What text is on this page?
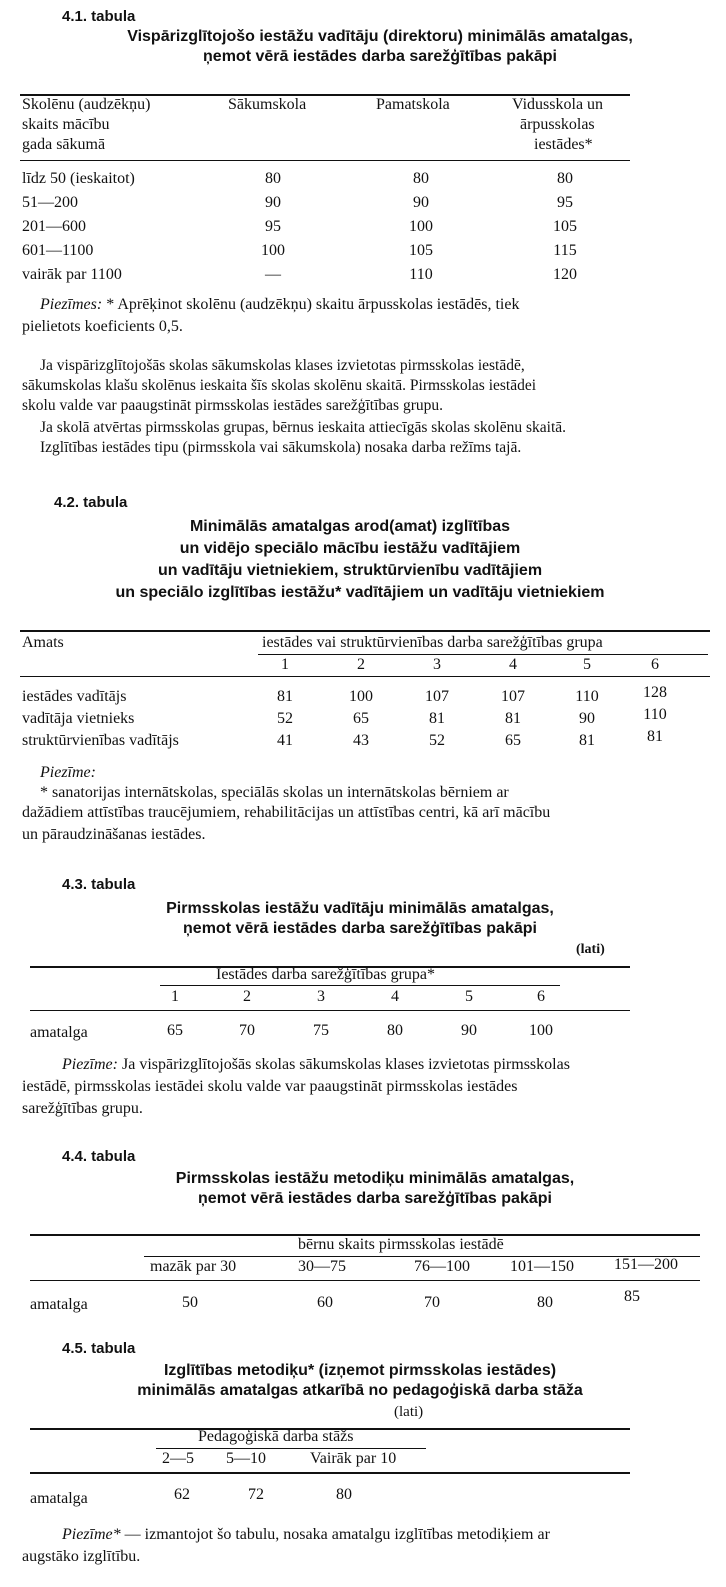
4.1. tabula
Vispārizglītojošo iestāžu vadītāju (direktoru) minimālās amatalgas,
ņemot vērā iestādes darba sarežģītības pakāpi
Skolēnu (audzēkņu)
skaits mācību
gada sākumā
Sākumskola	Pamatskola	Vidusskola un
ārpusskolas
iestādes*
līdz 50 (ieskaitot)	80	80	80
51—200	90	90	95
201—600	95	100	105
601—1100	100	105	115
vairāk par 1100	—	110	120
Piezīmes: * Aprēķinot skolēnu (audzēkņu) skaitu ārpusskolas iestādēs, tiek
pielietots koeficients 0,5.
Ja vispārizglītojošās skolas sākumskolas klases izvietotas pirmsskolas iestādē,
sākumskolas klašu skolēnus ieskaita šīs skolas skolēnu skaitā. Pirmsskolas iestādei
skolu valde var paaugstināt pirmsskolas iestādes sarežģītības grupu.
Ja skolā atvērtas pirmsskolas grupas, bērnus ieskaita attiecīgās skolas skolēnu skaitā.
Izglītības iestādes tipu (pirmsskola vai sākumskola) nosaka darba režīms tajā.
4.2. tabula
Minimālās amatalgas arod(amat) izglītības
un vidējo speciālo mācību iestāžu vadītājiem
un vadītāju vietniekiem, struktūrvienību vadītājiem
un speciālo izglītības iestāžu* vadītājiem un vadītāju vietniekiem
Amats	iestādes vai struktūrvienības darba sarežģītības grupa
1	2	3	4	5	6
iestādes vadītājs	81	100	107	107	110	128
vadītāja vietnieks	52	65	81	81	90	110
struktūrvienības vadītājs	41	43	52	65	81	81
Piezīme:
* sanatorijas internātskolas, speciālās skolas un internātskolas bērniem ar
dažādiem attīstības traucējumiem, rehabilitācijas un attīstības centri, kā arī mācību
un pāraudzināšanas iestādes.
4.3. tabula
Pirmsskolas iestāžu vadītāju minimālās amatalgas,
ņemot vērā iestādes darba sarežģītības pakāpi
(lati)
Iestādes darba sarežģītības grupa*
1	2	3	4	5	6
amatalga	65	70	75	80	90	100
Piezīme: Ja vispārizglītojošās skolas sākumskolas klases izvietotas pirmsskolas
iestādē, pirmsskolas iestādei skolu valde var paaugstināt pirmsskolas iestādes
sarežģītības grupu.
4.4. tabula
Pirmsskolas iestāžu metodiķu minimālās amatalgas,
ņemot vērā iestādes darba sarežģītības pakāpi
bērnu skaits pirmsskolas iestādē
mazāk par 30	30—75	76—100	101—150	151—200
amatalga	50	60	70	80	85
4.5. tabula
Izglītības metodiķu* (izņemot pirmsskolas iestādes)
minimālās amatalgas atkarībā no pedagoģiskā darba stāža
(lati)
Pedagoģiskā darba stāžs
2—5 5—10	Vairāk par 10
amatalga	62	72	80
Piezīme* — izmantojot šo tabulu, nosaka amatalgu izglītības metodiķiem ar
augstāko izglītību.
